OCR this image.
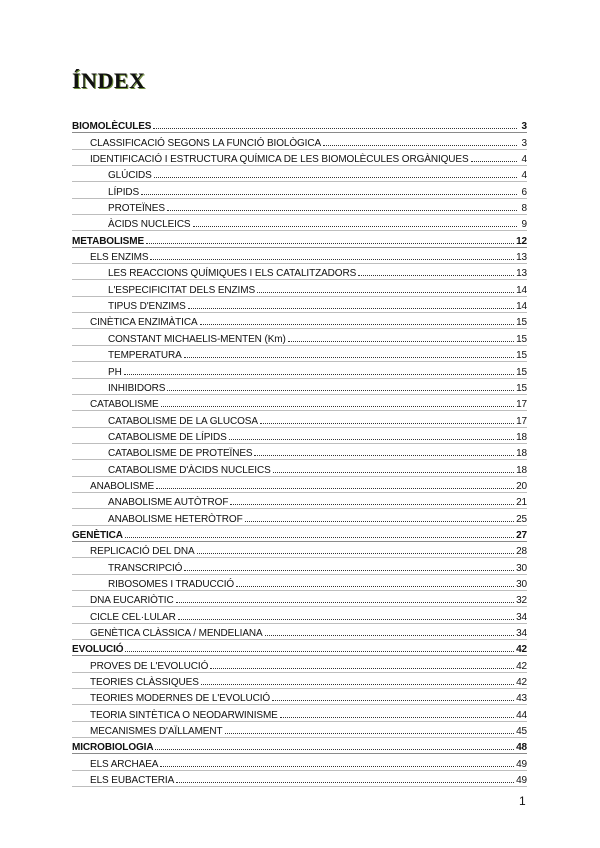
ÍNDEX
BIOMOLÈCULES	3
CLASSIFICACIÓ SEGONS LA FUNCIÓ BIOLÒGICA	3
IDENTIFICACIÓ I ESTRUCTURA QUÍMICA DE LES BIOMOLÈCULES ORGÀNIQUES	4
GLÚCIDS	4
LÍPIDS	6
PROTEÏNES	8
ÀCIDS NUCLEICS	9
METABOLISME	12
ELS ENZIMS	13
LES REACCIONS QUÍMIQUES I ELS CATALITZADORS	13
L'ESPECIFICITAT DELS ENZIMS	14
TIPUS D'ENZIMS	14
CINÈTICA ENZIMÀTICA	15
CONSTANT MICHAELIS-MENTEN (Km)	15
TEMPERATURA	15
PH	15
INHIBIDORS	15
CATABOLISME	17
CATABOLISME DE LA GLUCOSA	17
CATABOLISME DE LÍPIDS	18
CATABOLISME DE PROTEÏNES	18
CATABOLISME D'ÀCIDS NUCLEICS	18
ANABOLISME	20
ANABOLISME AUTÒTROF	21
ANABOLISME HETERÒTROF	25
GENÈTICA	27
REPLICACIÓ DEL DNA	28
TRANSCRIPCIÓ	30
RIBOSOMES I TRADUCCIÓ	30
DNA EUCARIÒTIC	32
CICLE CEL·LULAR	34
GENÈTICA CLÀSSICA / MENDELIANA	34
EVOLUCIÓ	42
PROVES DE L'EVOLUCIÓ	42
TEORIES CLÀSSIQUES	42
TEORIES MODERNES DE L'EVOLUCIÓ	43
TEORIA SINTÈTICA O NEODARWINISME	44
MECANISMES D'AÏLLAMENT	45
MICROBIOLOGIA	48
ELS ARCHAEA	49
ELS EUBACTERIA	49
1
